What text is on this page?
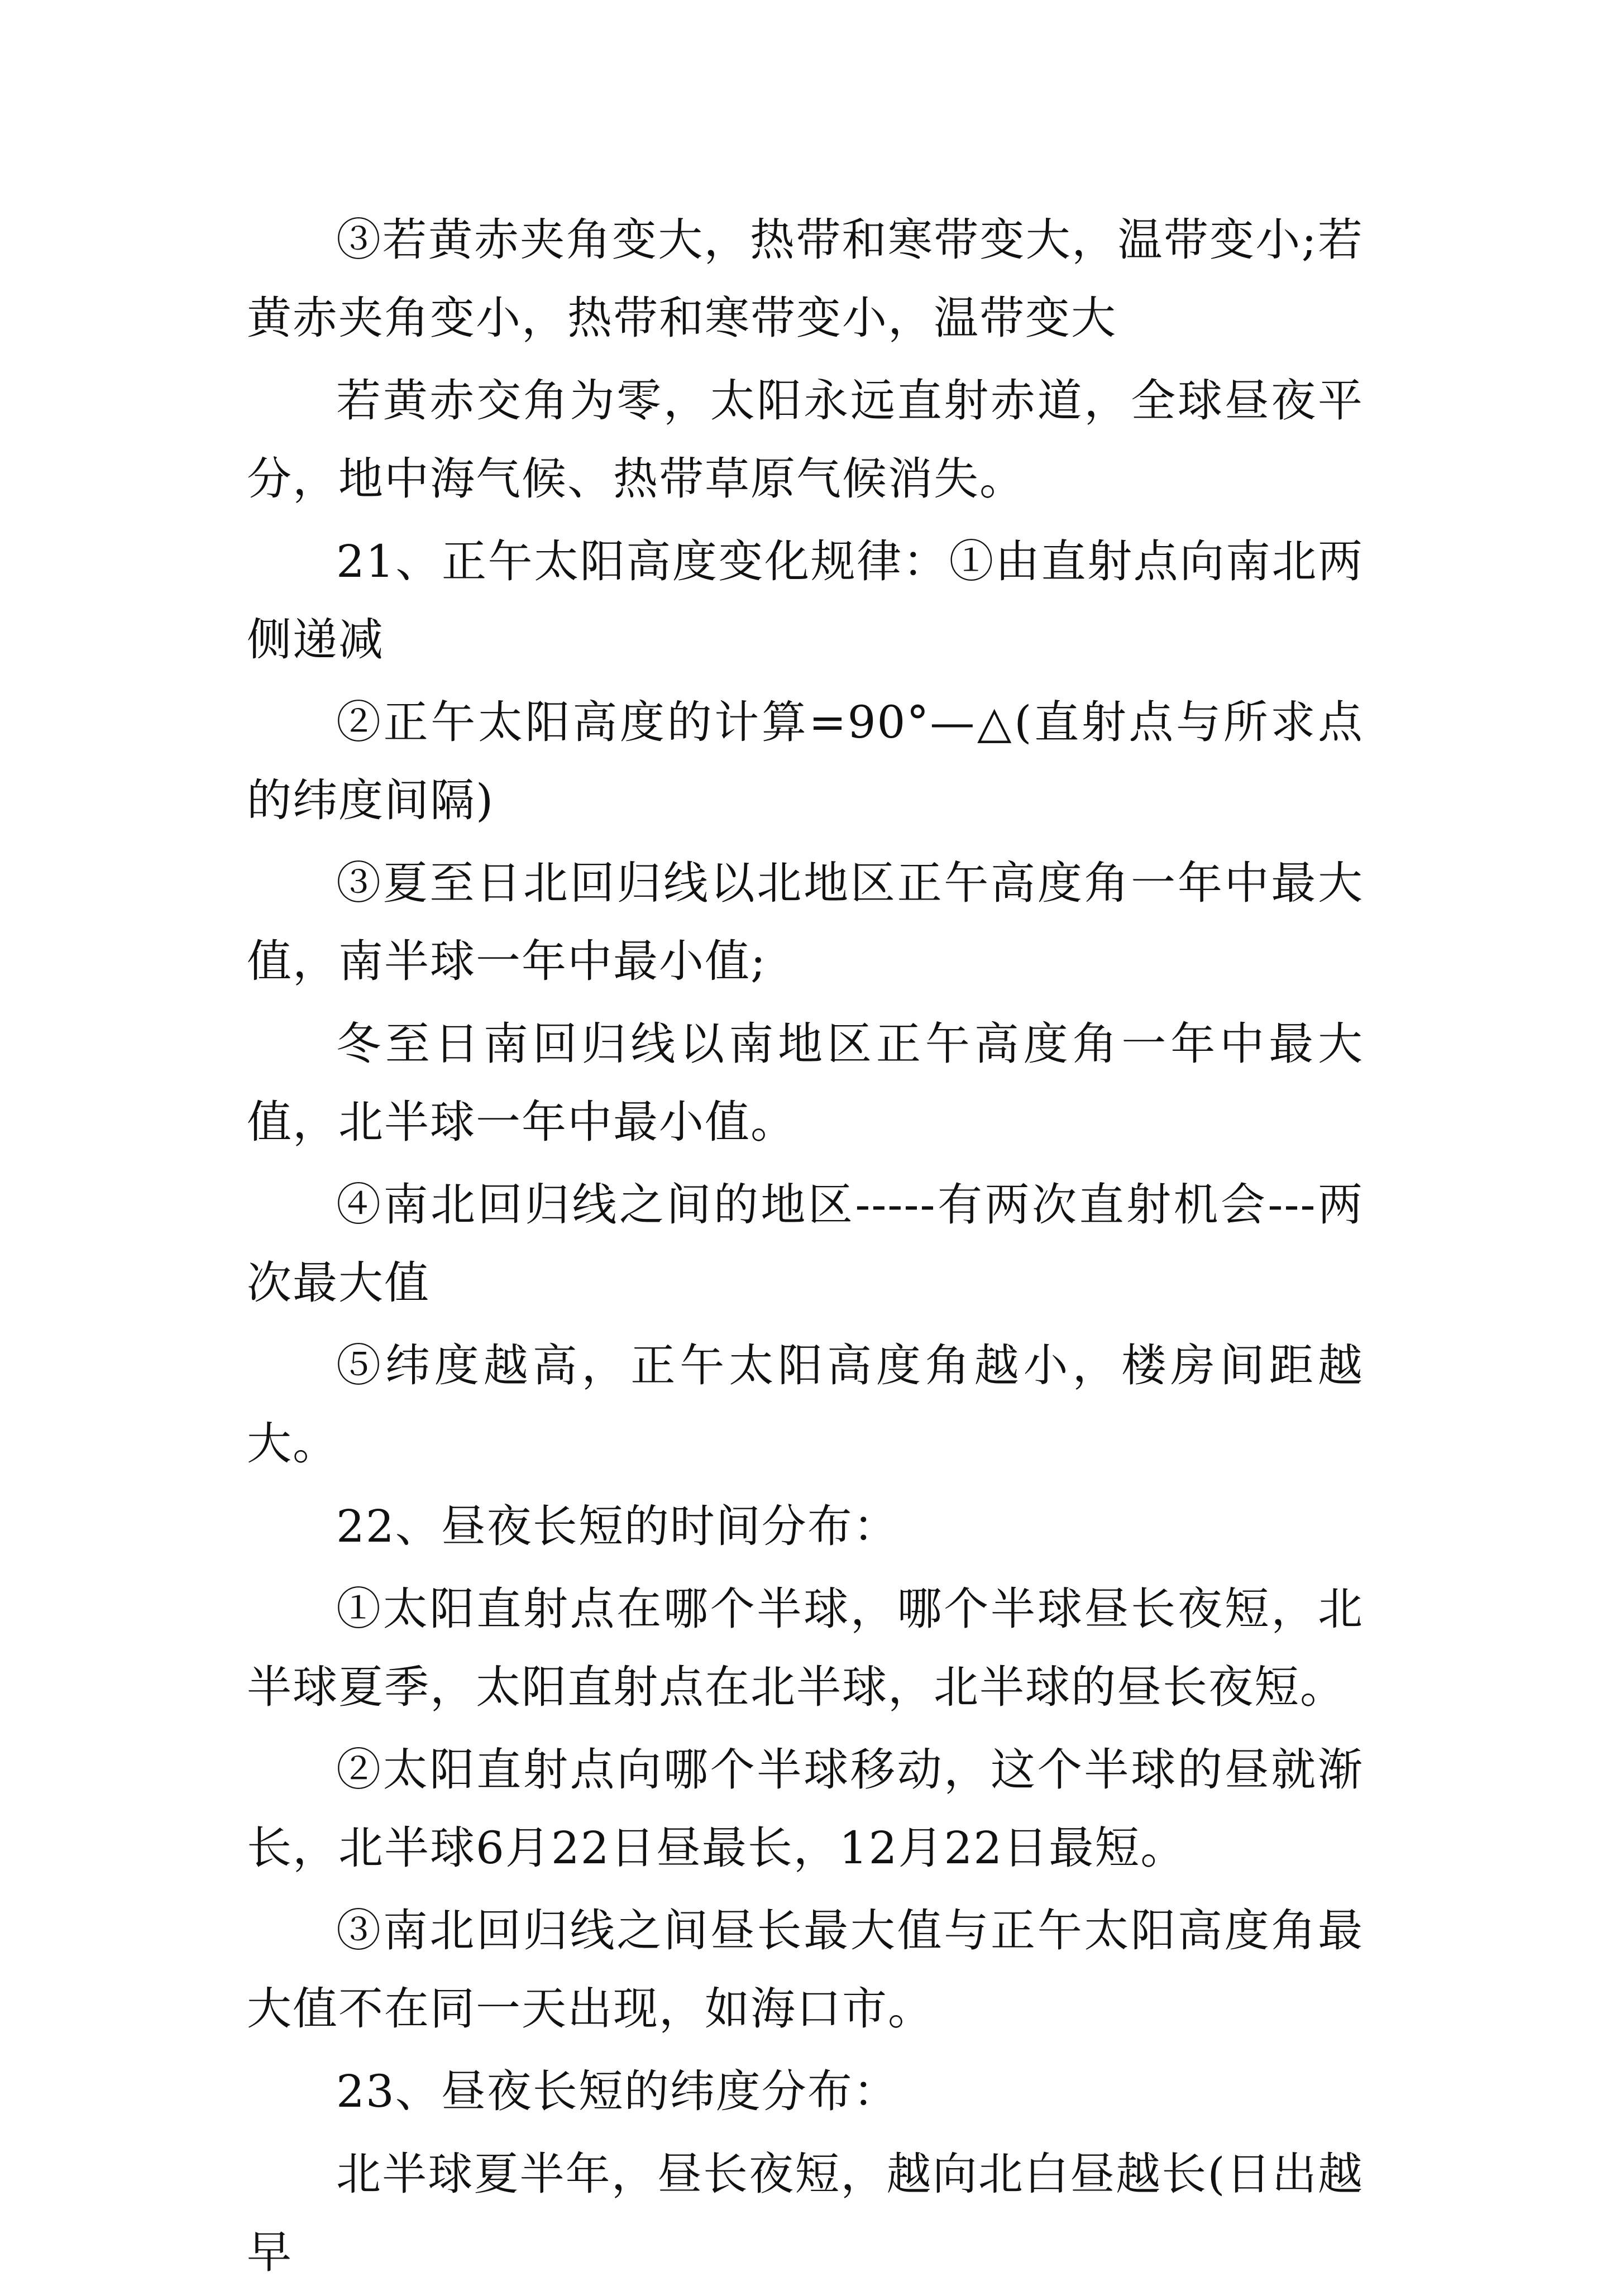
③若黄赤夹角变大，热带和寒带变大，温带变小;若黄赤夹角变小，热带和寒带变小，温带变大

若黄赤交角为零，太阳永远直射赤道，全球昼夜平分，地中海气候、热带草原气候消失。

21、正午太阳高度变化规律：①由直射点向南北两侧递减

②正午太阳高度的计算=90°—△(直射点与所求点的纬度间隔)

③夏至日北回归线以北地区正午高度角一年中最大值，南半球一年中最小值;

冬至日南回归线以南地区正午高度角一年中最大值，北半球一年中最小值。

④南北回归线之间的地区-----有两次直射机会---两次最大值

⑤纬度越高，正午太阳高度角越小，楼房间距越大。

22、昼夜长短的时间分布：

①太阳直射点在哪个半球，哪个半球昼长夜短，北半球夏季，太阳直射点在北半球，北半球的昼长夜短。

②太阳直射点向哪个半球移动，这个半球的昼就渐长，北半球6月22日昼最长，12月22日最短。

③南北回归线之间昼长最大值与正午太阳高度角最大值不在同一天出现，如海口市。

23、昼夜长短的纬度分布：

北半球夏半年，昼长夜短，越向北白昼越长(日出越早
